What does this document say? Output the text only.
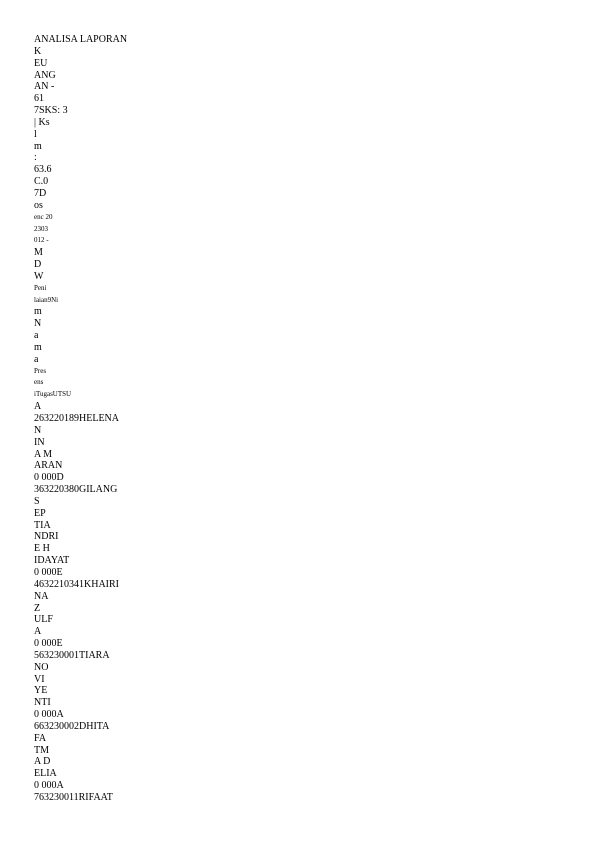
ANALISA LAPORAN
K
EU
ANG
AN -
61
7SKS: 3
| Ks
l
m
:
63.6
C.0
7D
os
enc 20
2303
012 -
M
D
W
Peni
laian9Ni
m
N
a
m
a
Pres
ens
iTugasUTSU
A
263220189HELENA
N
IN
A M
ARAN
0 000D
363220380GILANG
S
EP
TIA
NDRI
E H
IDAYAT
0 000E
4632210341KHAIRI
NA
Z
ULF
A
0 000E
563230001TIARA
NO
VI
YE
NTI
0 000A
663230002DHITA
FA
TM
A D
ELIA
0 000A
763230011RIFAAT
